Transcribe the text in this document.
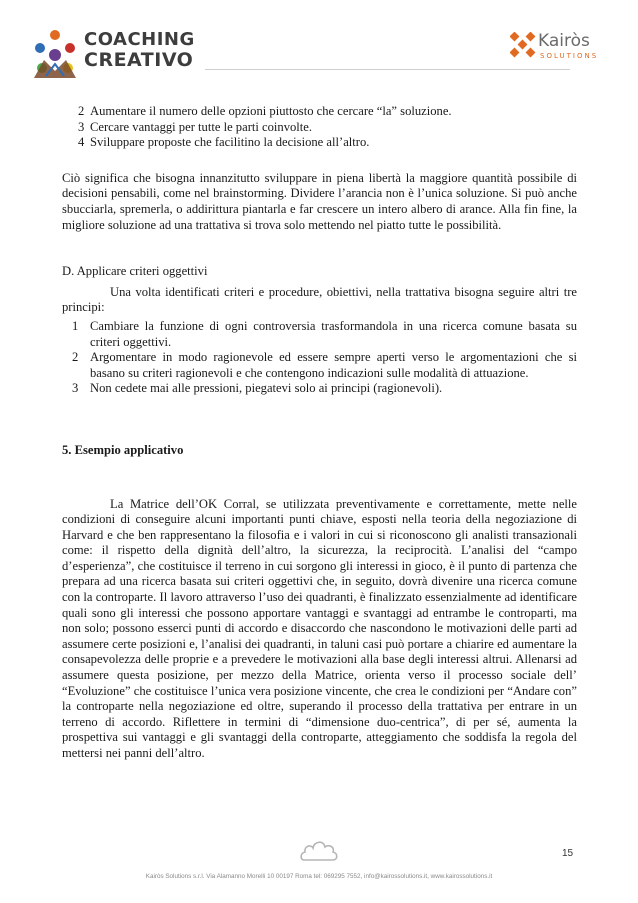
COACHING
CREATIVO
Kairòs
SOLUTIONS
2 Aumentare il numero delle opzioni piuttosto che cercare “la” soluzione.
3 Cercare vantaggi per tutte le parti coinvolte.
4 Sviluppare proposte che facilitino la decisione all’altro.

Ciò significa che bisogna innanzitutto sviluppare in piena libertà la maggiore quantità possibile di decisioni pensabili, come nel brainstorming. Dividere l’arancia non è l’unica soluzione. Si può anche sbucciarla, spremerla, o addirittura piantarla e far crescere un intero albero di arance. Alla fin fine, la migliore soluzione ad una trattativa si trova solo mettendo nel piatto tutte le possibilità.

D. Applicare criteri oggettivi

Una volta identificati criteri e procedure, obiettivi, nella trattativa bisogna seguire altri tre principi:

1 Cambiare la funzione di ogni controversia trasformandola in una ricerca comune basata su criteri oggettivi.
2 Argomentare in modo ragionevole ed essere sempre aperti verso le argomentazioni che si basano su criteri ragionevoli e che contengono indicazioni sulle modalità di attuazione.
3 Non cedete mai alle pressioni, piegatevi solo ai principi (ragionevoli).

5. Esempio applicativo

La Matrice dell’OK Corral, se utilizzata preventivamente e correttamente, mette nelle condizioni di conseguire alcuni importanti punti chiave, esposti nella teoria della negoziazione di Harvard e che ben rappresentano la filosofia e i valori in cui si riconoscono gli analisti transazionali come: il rispetto della dignità dell’altro, la sicurezza, la reciprocità. L’analisi del “campo d’esperienza”, che costituisce il terreno in cui sorgono gli interessi in gioco, è il punto di partenza che prepara ad una ricerca basata sui criteri oggettivi che, in seguito, dovrà divenire una ricerca comune con la controparte. Il lavoro attraverso l’uso dei quadranti, è finalizzato essenzialmente ad identificare quali sono gli interessi che possono apportare vantaggi e svantaggi ad entrambe le controparti, ma non solo; possono esserci punti di accordo e disaccordo che nascondono le motivazioni delle parti ad assumere certe posizioni e, l’analisi dei quadranti, in taluni casi può portare a chiarire ed aumentare la consapevolezza delle proprie e a prevedere le motivazioni alla base degli interessi altrui. Allenarsi ad assumere questa posizione, per mezzo della Matrice, orienta verso il processo sociale dell’ “Evoluzione” che costituisce l’unica vera posizione vincente, che crea le condizioni per “Andare con” la controparte nella negoziazione ed oltre, superando il processo della trattativa per entrare in un terreno di accordo. Riflettere in termini di “dimensione duo-centrica”, di per sé, aumenta la prospettiva sui vantaggi e gli svantaggi della controparte, atteggiamento che soddisfa la regola del mettersi nei panni dell’altro.

15
Kairòs Solutions s.r.l. Via Alamanno Morelli 10 00197 Roma tel: 069295 7552, info@kairossolutions.it, www.kairossolutions.it
